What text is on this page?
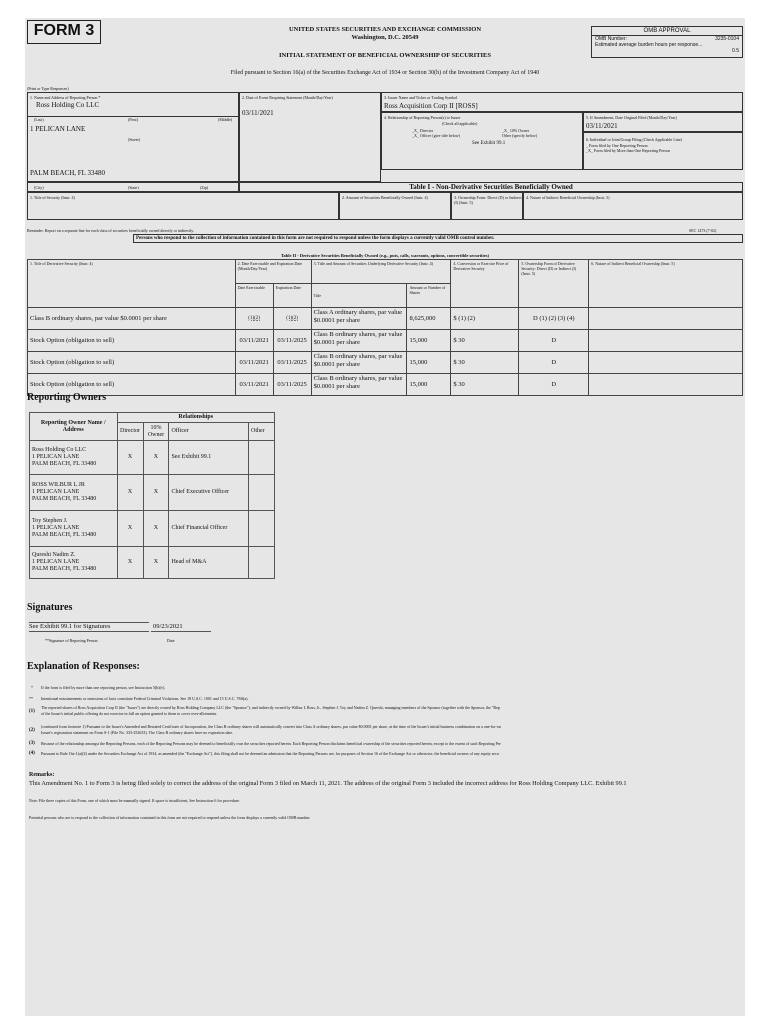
FORM 3	UNITED STATES SECURITIES AND EXCHANGE COMMISSION
Washington, D.C. 20549
INITIAL STATEMENT OF BENEFICIAL OWNERSHIP OF SECURITIES
Filed pursuant to Section 16(a) of the Securities Exchange Act of 1934 or Section 30(h) of the Investment Company Act of 1940
OMB APPROVAL
OMB Number:	3235-0104
Estimated average burden hours per response...
0.5
(Print or Type Responses)
1. Name and Address of Reporting Person *
Ross Holding Co LLC
(Last)	(First)	(Middle)
1 PELICAN LANE
(Street)
PALM BEACH, FL 33480
(City)	(State)	(Zip)
2. Date of Event Requiring Statement (Month/Day/Year)
03/11/2021
3. Issuer Name and Ticker or Trading Symbol
Ross Acquisition Corp II [ROSS]
4. Relationship of Reporting Person(s) to Issuer
(Check all applicable)
_X_ Director	_X_ 10% Owner
_X_ Officer (give title below)	Other (specify below)
See Exhibit 99.1
5. If Amendment, Date Original Filed (Month/Day/Year)
03/11/2021
6. Individual or Joint/Group Filing (Check Applicable Line)
_ Form filed by One Reporting Person
_X_ Form filed by More than One Reporting Person
Table I - Non-Derivative Securities Beneficially Owned
1. Title of Security (Instr. 4)	2. Amount of Securities Beneficially Owned (Instr. 4)	3. Ownership Form: Direct (D) or Indirect (I) (Instr. 5)
4. Nature of Indirect Beneficial Ownership (Instr. 5)
Reminder: Report on a separate line for each class of securities beneficially owned directly or indirectly.	SEC 1473 (7-02)
Persons who respond to the collection of information contained in this form are not required to respond unless the form displays a currently valid OMB control number.
Table II - Derivative Securities Beneficially Owned (e.g., puts, calls, warrants, options, convertible securities)
1. Title of Derivative Security (Instr. 4)	2. Date Exercisable and Expiration Date
(Month/Day/Year)		3. Title and Amount of Securities Underlying Derivative Security (Instr. 4)		4. Conversion or Exercise Price of Derivative Security	5. Ownership Form of Derivative Security: Direct (D) or Indirect (I) (Instr. 5)	6. Nature of Indirect Beneficial Ownership (Instr. 5)
	Date Exercisable	Expiration Date	Title	Amount or Number of Shares			
Class B ordinary shares, par value $0.0001 per share	(1)(2)	(1)(2)	Class A ordinary shares, par value $0.0001 per share	8,625,000	$ (1) (2)	D (1) (2) (3) (4)	
Stock Option (obligation to sell)	03/11/2021	03/11/2025	Class B ordinary shares, par value $0.0001 per share	15,000	$ 30	D	
Stock Option (obligation to sell)	03/11/2021	03/11/2025	Class B ordinary shares, par value $0.0001 per share	15,000	$ 30	D	
Stock Option (obligation to sell)	03/11/2021	03/11/2025	Class B ordinary shares, par value $0.0001 per share	15,000	$ 30	D	
Reporting Owners
Reporting Owner Name / Address	Relationships			
	Director	10% Owner	Officer	Other
Ross Holding Co LLC
1 PELICAN LANE
PALM BEACH, FL 33480	X	X	See Exhibit 99.1	
ROSS WILBUR L JR
1 PELICAN LANE
PALM BEACH, FL 33480	X	X	Chief Executive Officer	
Toy Stephen J.
1 PELICAN LANE
PALM BEACH, FL 33480	X	X	Chief Financial Officer	
Qureshi Nadim Z.
1 PELICAN LANE
PALM BEACH, FL 33480	X	X	Head of M&A	
Signatures
See Exhibit 99.1 for Signatures
**Signature of Reporting Person
09/23/2021
Date
Explanation of Responses:
* If the form is filed by more than one reporting person, see Instruction 5(b)(v).
** Intentional misstatements or omissions of facts constitute Federal Criminal Violations. See 18 U.S.C. 1001 and 15 U.S.C. 78ff(a).
(1)
The reported shares of Ross Acquisition Corp II (the "Issuer") are directly owned by Ross Holding Company LLC (the "Sponsor"), and indirectly owned by Wilbur L Ross, Jr., Stephen J. Toy and Nadim Z. Qureshi, managing members of the Sponsor (together with the Sponsor, the "Rep
of the Issuer's initial public offering do not exercise in full an option granted to them to cover over-allotments.
(2)
(continued from footnote 1) Pursuant to the Issuer's Amended and Restated Certificate of Incorporation, the Class B ordinary shares will automatically convert into Class A ordinary shares, par value $0.0001 per share, at the time of the Issuer's initial business combination on a one-for-on
Issuer's registration statement on Form S-1 (File No. 333-252633). The Class B ordinary shares have no expiration date.
(3) Because of the relationship amongst the Reporting Persons, each of the Reporting Persons may be deemed to beneficially own the securities reported herein. Each Reporting Person disclaims beneficial ownership of the securities reported herein, except to the extent of such Reporting Per
(4) Pursuant to Rule 16a-1(a)(4) under the Securities Exchange Act of 1934, as amended (the "Exchange Act"), this filing shall not be deemed an admission that the Reporting Persons are, for purposes of Section 16 of the Exchange Act or otherwise, the beneficial owners of any equity secu
Remarks:
This Amendment No. 1 to Form 3 is being filed solely to correct the address of the original Form 3 filed on March 11, 2021. The address of the original Form 3 included the incorrect address for Ross Holding Company LLC. Exhibit 99.1
Note: File three copies of this Form, one of which must be manually signed. If space is insufficient, See Instruction 6 for procedure.
Potential persons who are to respond to the collection of information contained in this form are not required to respond unless the form displays a currently valid OMB number.
